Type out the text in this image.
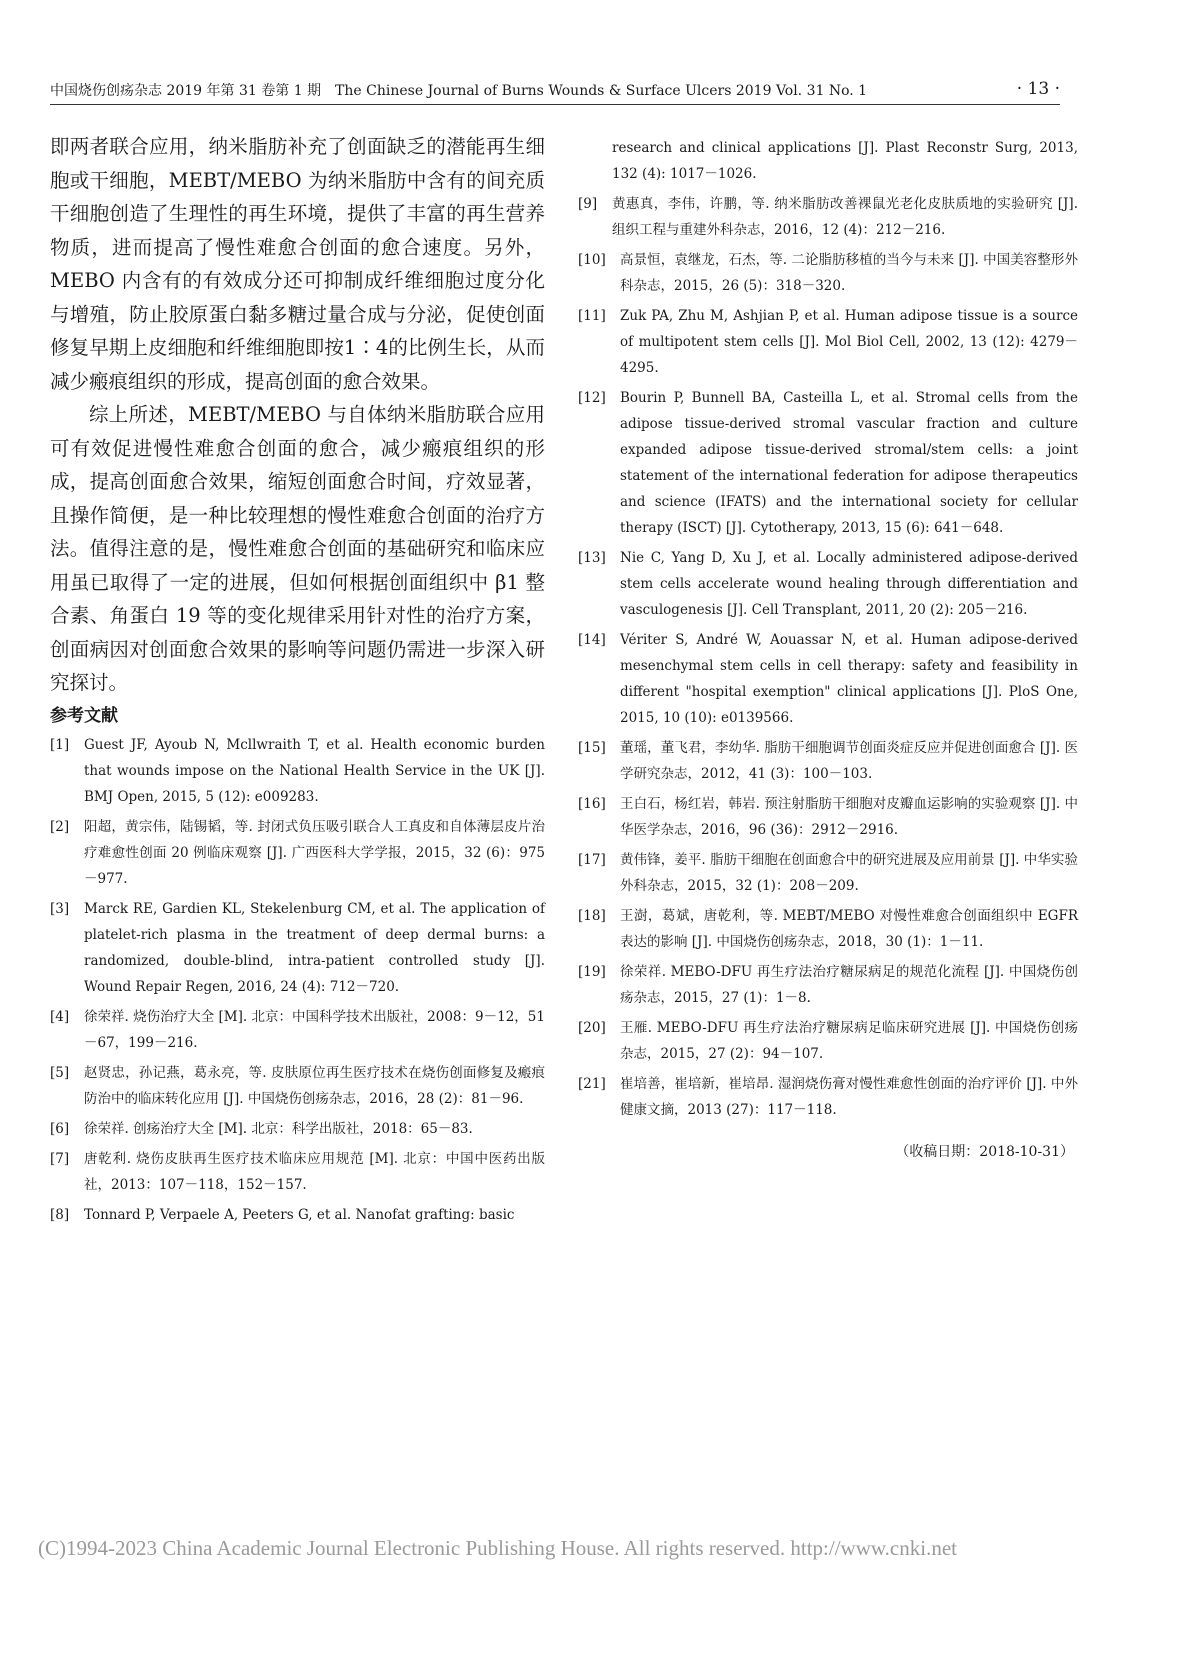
中国烧伤创疡杂志 2019 年第 31 卷第 1 期　The Chinese Journal of Burns Wounds & Surface Ulcers 2019 Vol. 31 No. 1	· 13 ·

即两者联合应用，纳米脂肪补充了创面缺乏的潜能再生细胞或干细胞，MEBT/MEBO 为纳米脂肪中含有的间充质干细胞创造了生理性的再生环境，提供了丰富的再生营养物质，进而提高了慢性难愈合创面的愈合速度。另外，MEBO 内含有的有效成分还可抑制成纤维细胞过度分化与增殖，防止胶原蛋白黏多糖过量合成与分泌，促使创面修复早期上皮细胞和纤维细胞即按1∶4的比例生长，从而减少瘢痕组织的形成，提高创面的愈合效果。

综上所述，MEBT/MEBO 与自体纳米脂肪联合应用可有效促进慢性难愈合创面的愈合，减少瘢痕组织的形成，提高创面愈合效果，缩短创面愈合时间，疗效显著，且操作简便，是一种比较理想的慢性难愈合创面的治疗方法。值得注意的是，慢性难愈合创面的基础研究和临床应用虽已取得了一定的进展，但如何根据创面组织中 β1 整合素、角蛋白 19 等的变化规律采用针对性的治疗方案，创面病因对创面愈合效果的影响等问题仍需进一步深入研究探讨。

参考文献
[1] Guest JF, Ayoub N, Mcllwraith T, et al. Health economic burden that wounds impose on the National Health Service in the UK [J]. BMJ Open, 2015, 5 (12): e009283.
[2] 阳超，黄宗伟，陆锡韬，等. 封闭式负压吸引联合人工真皮和自体薄层皮片治疗难愈性创面 20 例临床观察 [J]. 广西医科大学学报，2015，32 (6)：975－977.
[3] Marck RE, Gardien KL, Stekelenburg CM, et al. The application of platelet-rich plasma in the treatment of deep dermal burns: a randomized, double-blind, intra-patient controlled study [J]. Wound Repair Regen, 2016, 24 (4): 712－720.
[4] 徐荣祥. 烧伤治疗大全 [M]. 北京：中国科学技术出版社，2008：9－12，51－67，199－216.
[5] 赵贤忠，孙记燕，葛永亮，等. 皮肤原位再生医疗技术在烧伤创面修复及瘢痕防治中的临床转化应用 [J]. 中国烧伤创疡杂志，2016，28 (2)：81－96.
[6] 徐荣祥. 创疡治疗大全 [M]. 北京：科学出版社，2018：65－83.
[7] 唐乾利. 烧伤皮肤再生医疗技术临床应用规范 [M]. 北京：中国中医药出版社，2013：107－118，152－157.
[8] Tonnard P, Verpaele A, Peeters G, et al. Nanofat grafting: basic
research and clinical applications [J]. Plast Reconstr Surg, 2013, 132 (4): 1017－1026.
[9] 黄惠真，李伟，许鹏，等. 纳米脂肪改善裸鼠光老化皮肤质地的实验研究 [J]. 组织工程与重建外科杂志，2016，12 (4)：212－216.
[10] 高景恒，袁继龙，石杰，等. 二论脂肪移植的当今与未来 [J]. 中国美容整形外科杂志，2015，26 (5)：318－320.
[11] Zuk PA, Zhu M, Ashjian P, et al. Human adipose tissue is a source of multipotent stem cells [J]. Mol Biol Cell, 2002, 13 (12): 4279－4295.
[12] Bourin P, Bunnell BA, Casteilla L, et al. Stromal cells from the adipose tissue-derived stromal vascular fraction and culture expanded adipose tissue-derived stromal/stem cells: a joint statement of the international federation for adipose therapeutics and science (IFATS) and the international society for cellular therapy (ISCT) [J]. Cytotherapy, 2013, 15 (6): 641－648.
[13] Nie C, Yang D, Xu J, et al. Locally administered adipose-derived stem cells accelerate wound healing through differentiation and vasculogenesis [J]. Cell Transplant, 2011, 20 (2): 205－216.
[14] Vériter S, André W, Aouassar N, et al. Human adipose-derived mesenchymal stem cells in cell therapy: safety and feasibility in different "hospital exemption" clinical applications [J]. PloS One, 2015, 10 (10): e0139566.
[15] 董瑶，董飞君，李幼华. 脂肪干细胞调节创面炎症反应并促进创面愈合 [J]. 医学研究杂志，2012，41 (3)：100－103.
[16] 王白石，杨红岩，韩岩. 预注射脂肪干细胞对皮瓣血运影响的实验观察 [J]. 中华医学杂志，2016，96 (36)：2912－2916.
[17] 黄伟锋，姜平. 脂肪干细胞在创面愈合中的研究进展及应用前景 [J]. 中华实验外科杂志，2015，32 (1)：208－209.
[18] 王澍，葛斌，唐乾利，等. MEBT/MEBO 对慢性难愈合创面组织中 EGFR 表达的影响 [J]. 中国烧伤创疡杂志，2018，30 (1)：1－11.
[19] 徐荣祥. MEBO-DFU 再生疗法治疗糖尿病足的规范化流程 [J]. 中国烧伤创疡杂志，2015，27 (1)：1－8.
[20] 王雁. MEBO-DFU 再生疗法治疗糖尿病足临床研究进展 [J]. 中国烧伤创疡杂志，2015，27 (2)：94－107.
[21] 崔培善，崔培新，崔培昂. 湿润烧伤膏对慢性难愈性创面的治疗评价 [J]. 中外健康文摘，2013 (27)：117－118.
（收稿日期：2018-10-31）
(C)1994-2023 China Academic Journal Electronic Publishing House. All rights reserved. http://www.cnki.net
